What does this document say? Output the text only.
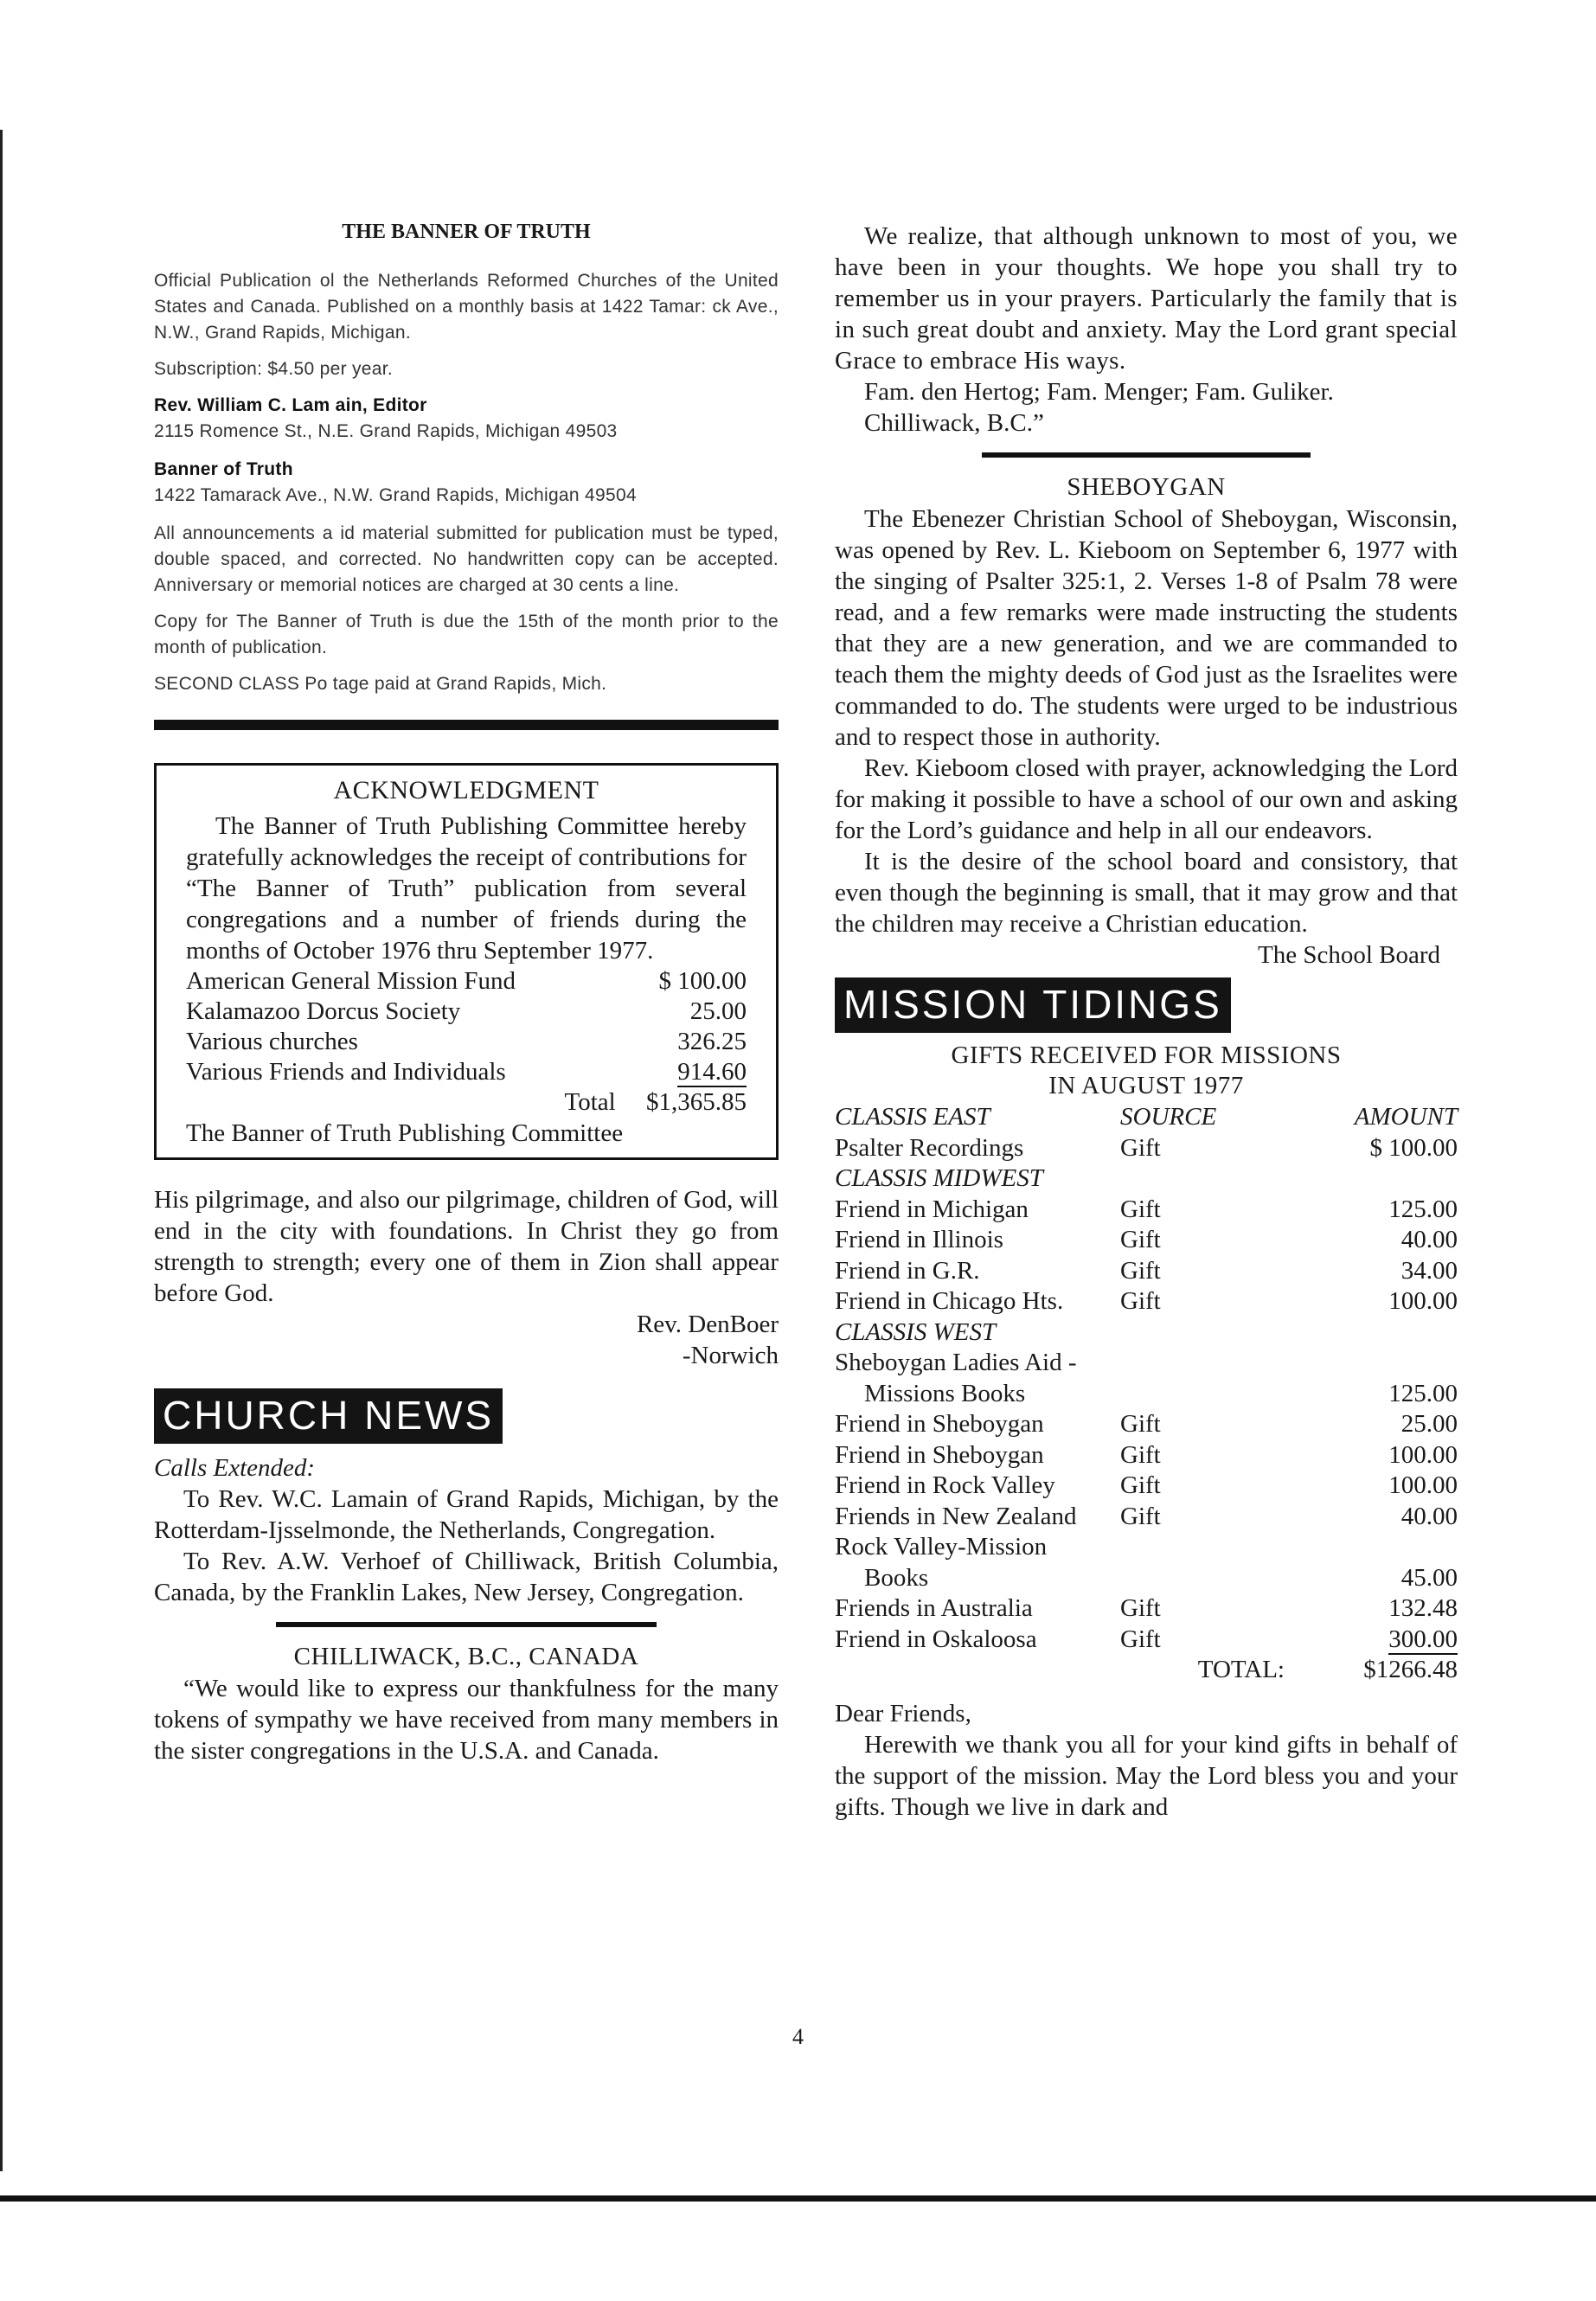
THE BANNER OF TRUTH

Official Publication ol the Netherlands Reformed Churches of the United States and Canada. Published on a monthly basis at 1422 Tamar: ck Ave., N.W., Grand Rapids, Michigan.

Subscription: $4.50 per year.

Rev. William C. Lam ain, Editor

2115 Romence St., N.E. Grand Rapids, Michigan 49503

Banner of Truth

1422 Tamarack Ave., N.W. Grand Rapids, Michigan 49504

All announcements a id material submitted for publication must be typed, double spaced, and corrected. No handwritten copy can be accepted. Anniversary or memorial notices are charged at 30 cents a line.

Copy for The Banner of Truth is due the 15th of the month prior to the month of publication.

SECOND CLASS Po tage paid at Grand Rapids, Mich.

ACKNOWLEDGMENT

The Banner of Truth Publishing Committee hereby gratefully acknowledges the receipt of contributions for “The Banner of Truth” publication from several congregations and a number of friends during the months of October 1976 thru September 1977.

American General Mission Fund	$ 100.00
Kalamazoo Dorcus Society	25.00
Various churches	326.25
Various Friends and Individuals	914.60
Total	$1,365.85

The Banner of Truth Publishing Committee

His pilgrimage, and also our pilgrimage, children of God, will end in the city with foundations. In Christ they go from strength to strength; every one of them in Zion shall appear before God.

Rev. DenBoer

-Norwich

CHURCH NEWS

Calls Extended:

To Rev. W.C. Lamain of Grand Rapids, Michigan, by the Rotterdam-Ijsselmonde, the Netherlands, Congregation.

To Rev. A.W. Verhoef of Chilliwack, British Columbia, Canada, by the Franklin Lakes, New Jersey, Congregation.

CHILLIWACK, B.C., CANADA

“We would like to express our thankfulness for the many tokens of sympathy we have received from many members in the sister congregations in the U.S.A. and Canada.

We realize, that although unknown to most of you, we have been in your thoughts. We hope you shall try to remember us in your prayers. Particularly the family that is in such great doubt and anxiety. May the Lord grant special Grace to embrace His ways.

Fam. den Hertog; Fam. Menger; Fam. Guliker.

Chilliwack, B.C.”

SHEBOYGAN

The Ebenezer Christian School of Sheboygan, Wisconsin, was opened by Rev. L. Kieboom on September 6, 1977 with the singing of Psalter 325:1, 2. Verses 1-8 of Psalm 78 were read, and a few remarks were made instructing the students that they are a new generation, and we are commanded to teach them the mighty deeds of God just as the Israelites were commanded to do. The students were urged to be industrious and to respect those in authority.

Rev. Kieboom closed with prayer, acknowledging the Lord for making it possible to have a school of our own and asking for the Lord’s guidance and help in all our endeavors.

It is the desire of the school board and consistory, that even though the beginning is small, that it may grow and that the children may receive a Christian education.

The School Board

MISSION TIDINGS
GIFTS RECEIVED FOR MISSIONS
IN AUGUST 1977
CLASSIS EAST	SOURCE	AMOUNT
Psalter Recordings	Gift	$ 100.00
CLASSIS MIDWEST		
Friend in Michigan	Gift	125.00
Friend in Illinois	Gift	40.00
Friend in G.R.	Gift	34.00
Friend in Chicago Hts.	Gift	100.00
CLASSIS WEST		
Sheboygan Ladies Aid -		
Missions Books		125.00
Friend in Sheboygan	Gift	25.00
Friend in Sheboygan	Gift	100.00
Friend in Rock Valley	Gift	100.00
Friends in New Zealand	Gift	40.00
Rock Valley-Mission		
Books		45.00
Friends in Australia	Gift	132.48
Friend in Oskaloosa	Gift	300.00
	TOTAL:	$1266.48

Dear Friends,

Herewith we thank you all for your kind gifts in behalf of the support of the mission. May the Lord bless you and your gifts. Though we live in dark and

4
